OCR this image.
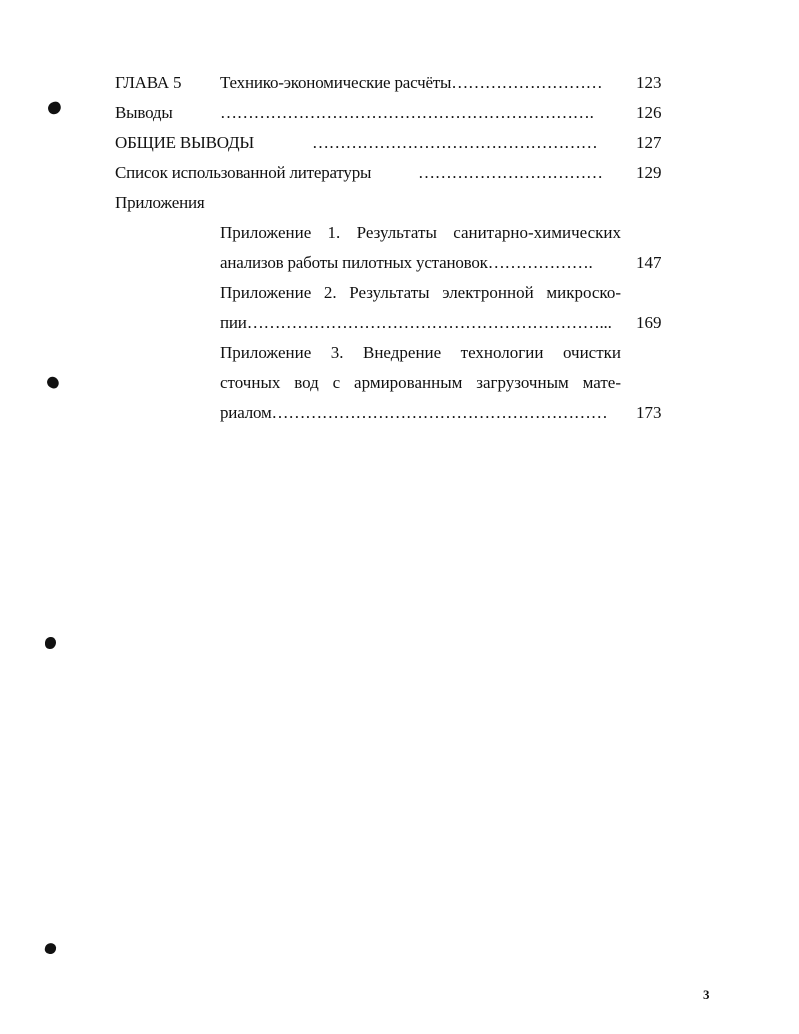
ГЛАВА 5 Технико-экономические расчёты……………………… 123
Выводы	…………………………………………………………. 126
ОБЩИЕ ВЫВОДЫ	…………………………………………… 127
Список использованной литературы	…………………………… 129
Приложения
Приложение 1. Результаты санитарно-химических
анализов работы пилотных установок……………….	147
Приложение 2. Результаты электронной микроско-
пии………………………………………………………... 169
Приложение 3. Внедрение технологии очистки
сточных вод с армированным загрузочным мате-
риалом…………………………………………………… 173
3
